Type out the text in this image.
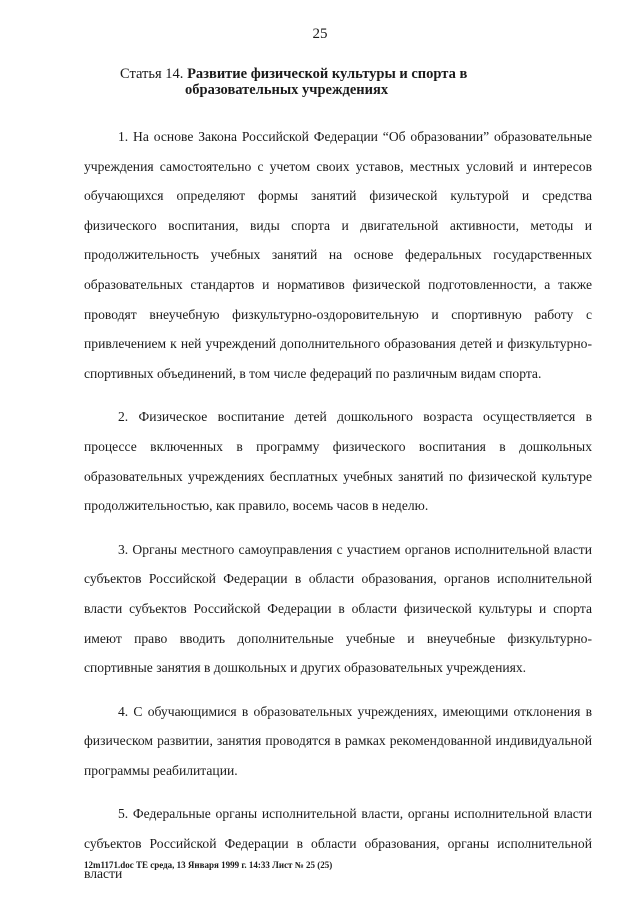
25
Статья 14. Развитие физической культуры и спорта в
образовательных учреждениях

1. На основе Закона Российской Федерации “Об образовании” образовательные учреждения самостоятельно с учетом своих уставов, местных условий и интересов обучающихся определяют формы занятий физической культурой и средства физического воспитания, виды спорта и двигательной активности, методы и продолжительность учебных занятий на основе федеральных государственных образовательных стандартов и нормативов физической подготовленности, а также проводят внеучебную физкультурно-оздоровительную и спортивную работу с привлечением к ней учреждений дополнительного образования детей и физкультурно-спортивных объединений, в том числе федераций по различным видам спорта.

2. Физическое воспитание детей дошкольного возраста осуществляется в процессе включенных в программу физического воспитания в дошкольных образовательных учреждениях бесплатных учебных занятий по физической культуре продолжительностью, как правило, восемь часов в неделю.

3. Органы местного самоуправления с участием органов исполнительной власти субъектов Российской Федерации в области образования, органов исполнительной власти субъектов Российской Федерации в области физической культуры и спорта имеют право вводить дополнительные учебные и внеучебные физкультурно-спортивные занятия в дошкольных и других образовательных учреждениях.

4. С обучающимися в образовательных учреждениях, имеющими отклонения в физическом развитии, занятия проводятся в рамках рекомендованной индивидуальной программы реабилитации.

5. Федеральные органы исполнительной власти, органы исполнительной власти субъектов Российской Федерации в области образования, органы исполнительной власти

12m1171.doc ТЕ среда, 13 Января 1999 г. 14:33 Лист № 25 (25)
